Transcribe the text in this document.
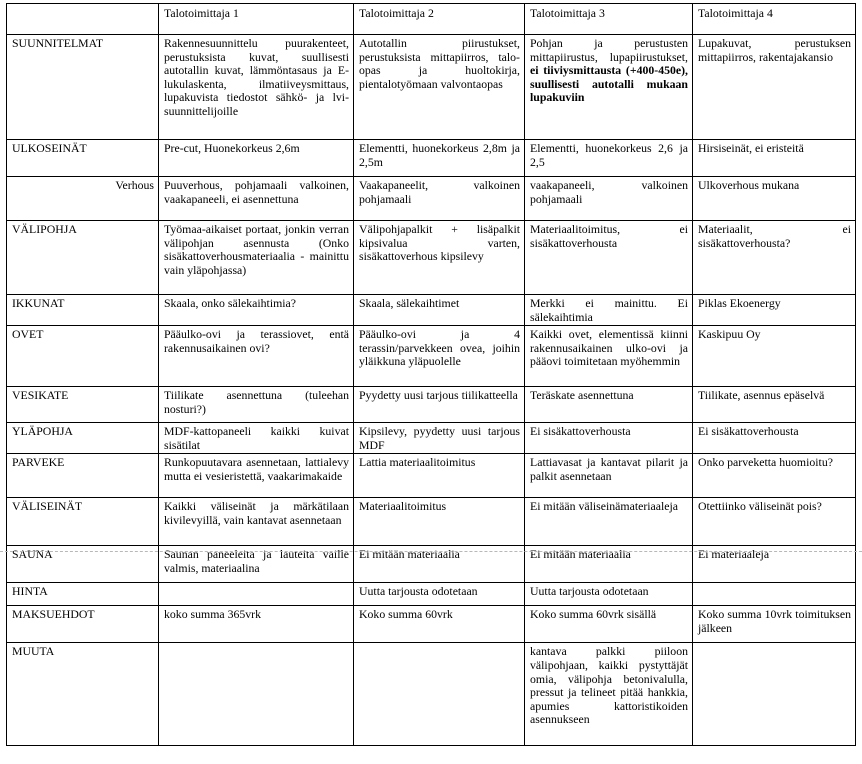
	Talotoimittaja 1	Talotoimittaja 2	Talotoimittaja 3	Talotoimittaja 4
SUUNNITELMAT	Rakennesuunnittelu puurakenteet, perustuksista kuvat, suullisesti autotallin kuvat, lämmöntasaus ja E-lukulaskenta, ilmatiiveysmittaus, lupakuvista tiedostot sähkö- ja lvi-suunnittelijoille	Autotallin piirustukset, perustuksista mittapiirros, talo-opas ja huoltokirja, pientalotyömaan valvontaopas	Pohjan ja perustusten mittapiirustus, lupapiirustukset, ei tiiviysmittausta (+400-450e), suullisesti autotalli mukaan lupakuviin	Lupakuvat, perustuksen mittapiirros, rakentajakansio
ULKOSEINÄT	Pre-cut, Huonekorkeus 2,6m	Elementti, huonekorkeus 2,8m ja 2,5m	Elementti, huonekorkeus 2,6 ja 2,5	Hirsiseinät, ei eristeitä
Verhous	Puuverhous, pohjamaali valkoinen, vaakapaneeli, ei asennettuna	Vaakapaneelit, valkoinen pohjamaali	vaakapaneeli, valkoinen pohjamaali	Ulkoverhous mukana
VÄLIPOHJA	Työmaa-aikaiset portaat, jonkin verran välipohjan asennusta (Onko sisäkattoverhousmateriaalia - mainittu vain yläpohjassa)	Välipohjapalkit + lisäpalkit kipsivalua varten, sisäkattoverhous kipsilevy	Materiaalitoimitus, ei sisäkattoverhousta	Materiaalit, ei sisäkattoverhousta?
IKKUNAT	Skaala, onko sälekaihtimia?	Skaala, sälekaihtimet	Merkki ei mainittu. Ei sälekaihtimia	Piklas Ekoenergy
OVET	Pääulko-ovi ja terassiovet, entä rakennusaikainen ovi?	Pääulko-ovi ja 4 terassin/parvekkeen ovea, joihin yläikkuna yläpuolelle	Kaikki ovet, elementissä kiinni rakennusaikainen ulko-ovi ja pääovi toimitetaan myöhemmin	Kaskipuu Oy
VESIKATE	Tiilikate asennettuna (tuleehan nosturi?)	Pyydetty uusi tarjous tiilikatteella	Teräskate asennettuna	Tiilikate, asennus epäselvä
YLÄPOHJA	MDF-kattopaneeli kaikki kuivat sisätilat	Kipsilevy, pyydetty uusi tarjous MDF	Ei sisäkattoverhousta	Ei sisäkattoverhousta
PARVEKE	Runkopuutavara asennetaan, lattialevy mutta ei vesieristettä, vaakarimakaide	Lattia materiaalitoimitus	Lattiavasat ja kantavat pilarit ja palkit asennetaan	Onko parveketta huomioitu?
VÄLISEINÄT	Kaikki väliseinät ja märkätilaan kivilevyillä, vain kantavat asennetaan	Materiaalitoimitus	Ei mitään väliseinämateriaaleja	Otettiinko väliseinät pois?
SAUNA	Saunan paneeleita ja lauteita vaille valmis, materiaalina	Ei mitään materiaalia	Ei mitään materiaalia	Ei materiaaleja
HINTA		Uutta tarjousta odotetaan	Uutta tarjousta odotetaan	
MAKSUEHDOT	koko summa 365vrk	Koko summa 60vrk	Koko summa 60vrk sisällä	Koko summa 10vrk toimituksen jälkeen
MUUTA			kantava palkki piiloon välipohjaan, kaikki pystyttäjät omia, välipohja betonivalulla, pressut ja telineet pitää hankkia, apumies kattoristikoiden asennukseen	
